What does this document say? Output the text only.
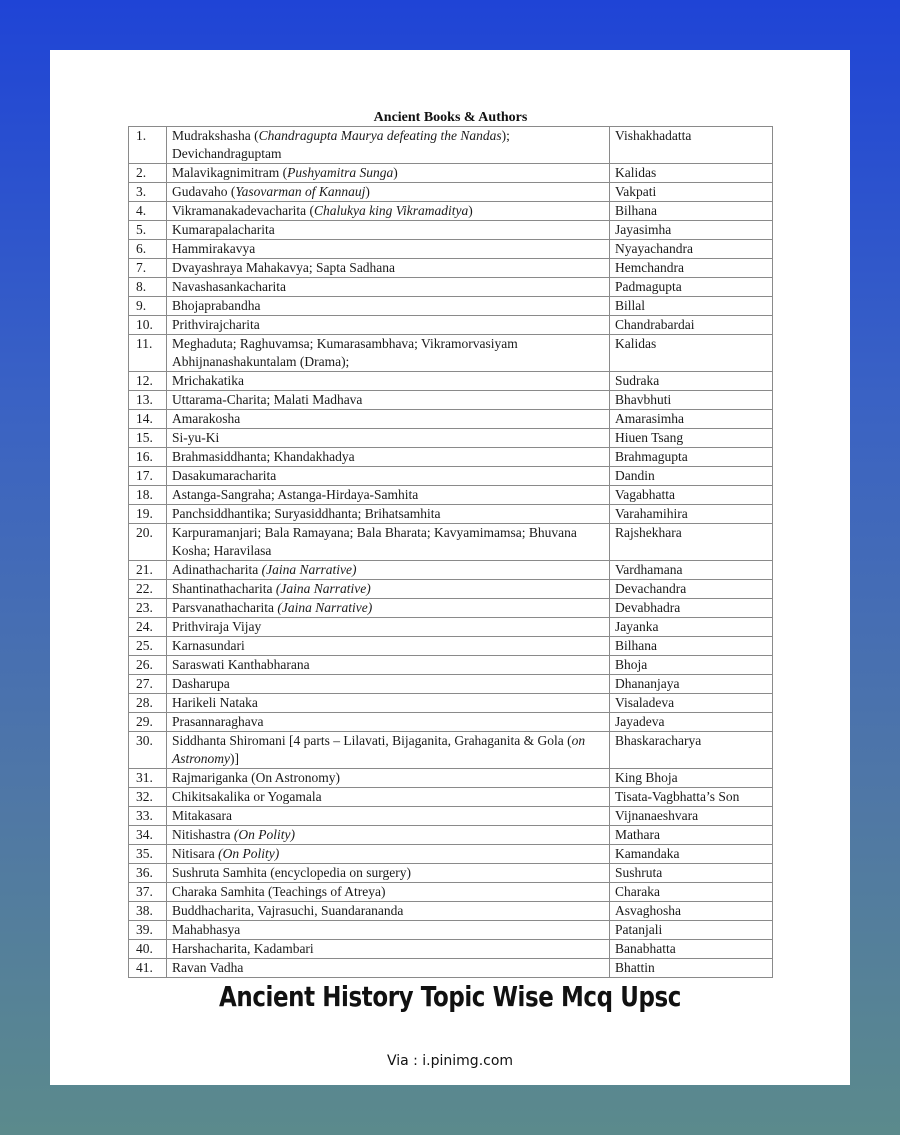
Ancient Books & Authors
1.	Mudrakshasha (Chandragupta Maurya defeating the Nandas); Devichandraguptam	Vishakhadatta
2.	Malavikagnimitram (Pushyamitra Sunga)	Kalidas
3.	Gudavaho (Yasovarman of Kannauj)	Vakpati
4.	Vikramanakadevacharita (Chalukya king Vikramaditya)	Bilhana
5.	Kumarapalacharita	Jayasimha
6.	Hammirakavya	Nyayachandra
7.	Dvayashraya Mahakavya; Sapta Sadhana	Hemchandra
8.	Navashasankacharita	Padmagupta
9.	Bhojaprabandha	Billal
10.	Prithvirajcharita	Chandrabardai
11.	Meghaduta; Raghuvamsa; Kumarasambhava; Vikramorvasiyam Abhijnanashakuntalam (Drama);	Kalidas
12.	Mrichakatika	Sudraka
13.	Uttarama-Charita; Malati Madhava	Bhavbhuti
14.	Amarakosha	Amarasimha
15.	Si-yu-Ki	Hiuen Tsang
16.	Brahmasiddhanta; Khandakhadya	Brahmagupta
17.	Dasakumaracharita	Dandin
18.	Astanga-Sangraha; Astanga-Hirdaya-Samhita	Vagabhatta
19.	Panchsiddhantika; Suryasiddhanta; Brihatsamhita	Varahamihira
20.	Karpuramanjari; Bala Ramayana; Bala Bharata; Kavyamimamsa; Bhuvana Kosha; Haravilasa	Rajshekhara
21.	Adinathacharita (Jaina Narrative)	Vardhamana
22.	Shantinathacharita (Jaina Narrative)	Devachandra
23.	Parsvanathacharita (Jaina Narrative)	Devabhadra
24.	Prithviraja Vijay	Jayanka
25.	Karnasundari	Bilhana
26.	Saraswati Kanthabharana	Bhoja
27.	Dasharupa	Dhananjaya
28.	Harikeli Nataka	Visaladeva
29.	Prasannaraghava	Jayadeva
30.	Siddhanta Shiromani [4 parts – Lilavati, Bijaganita, Grahaganita & Gola (on Astronomy)]	Bhaskaracharya
31.	Rajmariganka (On Astronomy)	King Bhoja
32.	Chikitsakalika or Yogamala	Tisata-Vagbhatta’s Son
33.	Mitakasara	Vijnanaeshvara
34.	Nitishastra (On Polity)	Mathara
35.	Nitisara (On Polity)	Kamandaka
36.	Sushruta Samhita (encyclopedia on surgery)	Sushruta
37.	Charaka Samhita (Teachings of Atreya)	Charaka
38.	Buddhacharita, Vajrasuchi, Suandarananda	Asvaghosha
39.	Mahabhasya	Patanjali
40.	Harshacharita, Kadambari	Banabhatta
41.	Ravan Vadha	Bhattin
Ancient History Topic Wise Mcq Upsc
Via : i.pinimg.com
